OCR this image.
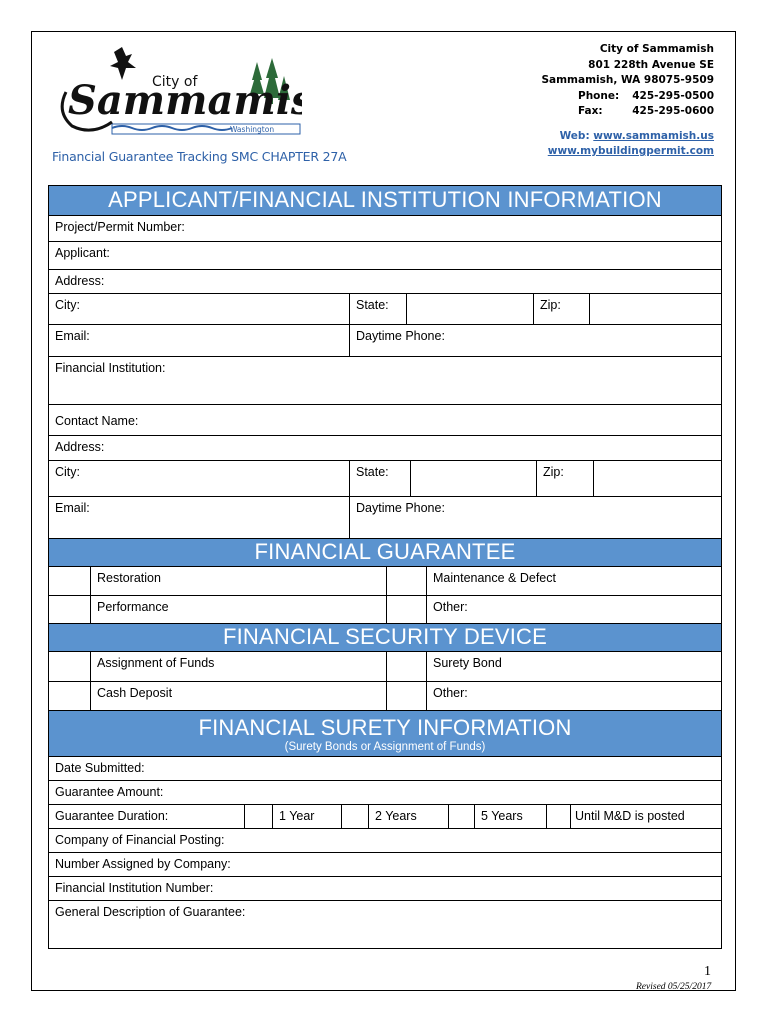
Sammami
City of
Washington
Financial Guarantee Tracking SMC CHAPTER 27A
City of Sammamish
801 228th Avenue SE
Sammamish, WA 98075-9509
Phone: 425-295-0500
Fax:	425-295-0600
Web: www.sammamish.us
www.mybuildingpermit.com
APPLICANT/FINANCIAL INSTITUTION INFORMATION
Project/Permit Number:
Applicant:
Address:
City:	State:	Zip:
Email:	Daytime Phone:
Financial Institution:
Contact Name:
Address:
City:	State:	Zip:
Email:	Daytime Phone:
FINANCIAL GUARANTEE
Restoration	Maintenance & Defect
Performance	Other:
FINANCIAL SECURITY DEVICE
Assignment of Funds	Surety Bond
Cash Deposit	Other:
FINANCIAL SURETY INFORMATION
(Surety Bonds or Assignment of Funds)
Date Submitted:
Guarantee Amount:
Guarantee Duration:	1 Year	2 Years	5 Years	Until M&D is posted
Company of Financial Posting:
Number Assigned by Company:
Financial Institution Number:
General Description of Guarantee:
1
Revised 05/25/2017
